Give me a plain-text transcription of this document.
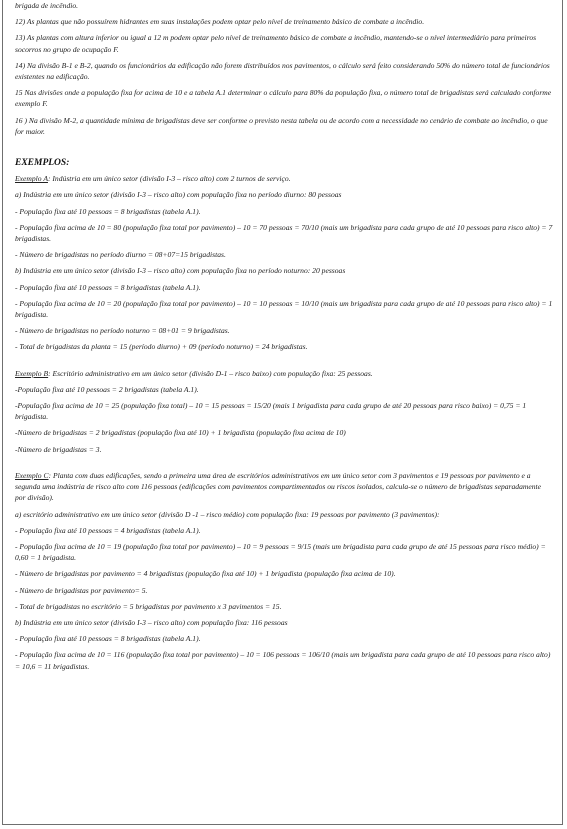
brigada de incêndio.

12) As plantas que não possuírem hidrantes em suas instalações podem optar pelo nível de treinamento básico de combate a incêndio.

13) As plantas com altura inferior ou igual a 12 m podem optar pelo nível de treinamento básico de combate a incêndio, mantendo-se o nível intermediário para primeiros socorros no grupo de ocupação F.

14) Na divisão B-1 e B-2, quando os funcionários da edificação não forem distribuídos nos pavimentos, o cálculo será feito considerando 50% do número total de funcionários existentes na edificação.

15 Nas divisões onde a população fixa for acima de 10 e a tabela A.1 determinar o cálculo para 80% da população fixa, o número total de brigadistas será calculado conforme exemplo F.

16 ) Na divisão M-2, a quantidade mínima de brigadistas deve ser conforme o previsto nesta tabela ou de acordo com a necessidade no cenário de combate ao incêndio, o que for maior.

EXEMPLOS:

Exemplo A: Indústria em um único setor (divisão I-3 – risco alto) com 2 turnos de serviço.

a) Indústria em um único setor (divisão I-3 – risco alto) com população fixa no período diurno: 80 pessoas

- População fixa até 10 pessoas = 8 brigadistas (tabela A.1).

- População fixa acima de 10 = 80 (população fixa total por pavimento) – 10 = 70 pessoas = 70/10 (mais um brigadista para cada grupo de até 10 pessoas para risco alto) = 7 brigadistas.

- Número de brigadistas no período diurno = 08+07=15 brigadistas.

b) Indústria em um único setor (divisão I-3 – risco alto) com população fixa no período noturno: 20 pessoas

- População fixa até 10 pessoas = 8 brigadistas (tabela A.1).

- População fixa acima de 10 = 20 (população fixa total por pavimento) – 10 = 10 pessoas = 10/10 (mais um brigadista para cada grupo de até 10 pessoas para risco alto) = 1 brigadista.

- Número de brigadistas no período noturno = 08+01 = 9 brigadistas.

- Total de brigadistas da planta = 15 (período diurno) + 09 (período noturno) = 24 brigadistas.

Exemplo B: Escritório administrativo em um único setor (divisão D-1 – risco baixo) com população fixa: 25 pessoas.

-População fixa até 10 pessoas = 2 brigadistas (tabela A.1).

-População fixa acima de 10 = 25 (população fixa total) – 10 = 15 pessoas = 15/20 (mais 1 brigadista para cada grupo de até 20 pessoas para risco baixo) = 0,75 = 1 brigadista.

-Número de brigadistas = 2 brigadistas (população fixa até 10) + 1 brigadista (população fixa acima de 10)

-Número de brigadistas = 3.

Exemplo C: Planta com duas edificações, sendo a primeira uma área de escritórios administrativos em um único setor com 3 pavimentos e 19 pessoas por pavimento e a segunda uma indústria de risco alto com 116 pessoas (edificações com pavimentos compartimentados ou riscos isolados, calcula-se o número de brigadistas separadamente por divisão).

a) escritório administrativo em um único setor (divisão D -1 – risco médio) com população fixa: 19 pessoas por pavimento (3 pavimentos):

- População fixa até 10 pessoas = 4 brigadistas (tabela A.1).

- População fixa acima de 10 = 19 (população fixa total por pavimento) – 10 = 9 pessoas = 9/15 (mais um brigadista para cada grupo de até 15 pessoas para risco médio) = 0,60 = 1 brigadista.

- Número de brigadistas por pavimento = 4 brigadistas (população fixa até 10) + 1 brigadista (população fixa acima de 10).

- Número de brigadistas por pavimento= 5.

- Total de brigadistas no escritório = 5 brigadistas por pavimento x 3 pavimentos = 15.

b) Indústria em um único setor (divisão I-3 – risco alto) com população fixa: 116 pessoas

- População fixa até 10 pessoas = 8 brigadistas (tabela A.1).

- População fixa acima de 10 = 116 (população fixa total por pavimento) – 10 = 106 pessoas = 106/10 (mais um brigadista para cada grupo de até 10 pessoas para risco alto) = 10,6 = 11 brigadistas.
